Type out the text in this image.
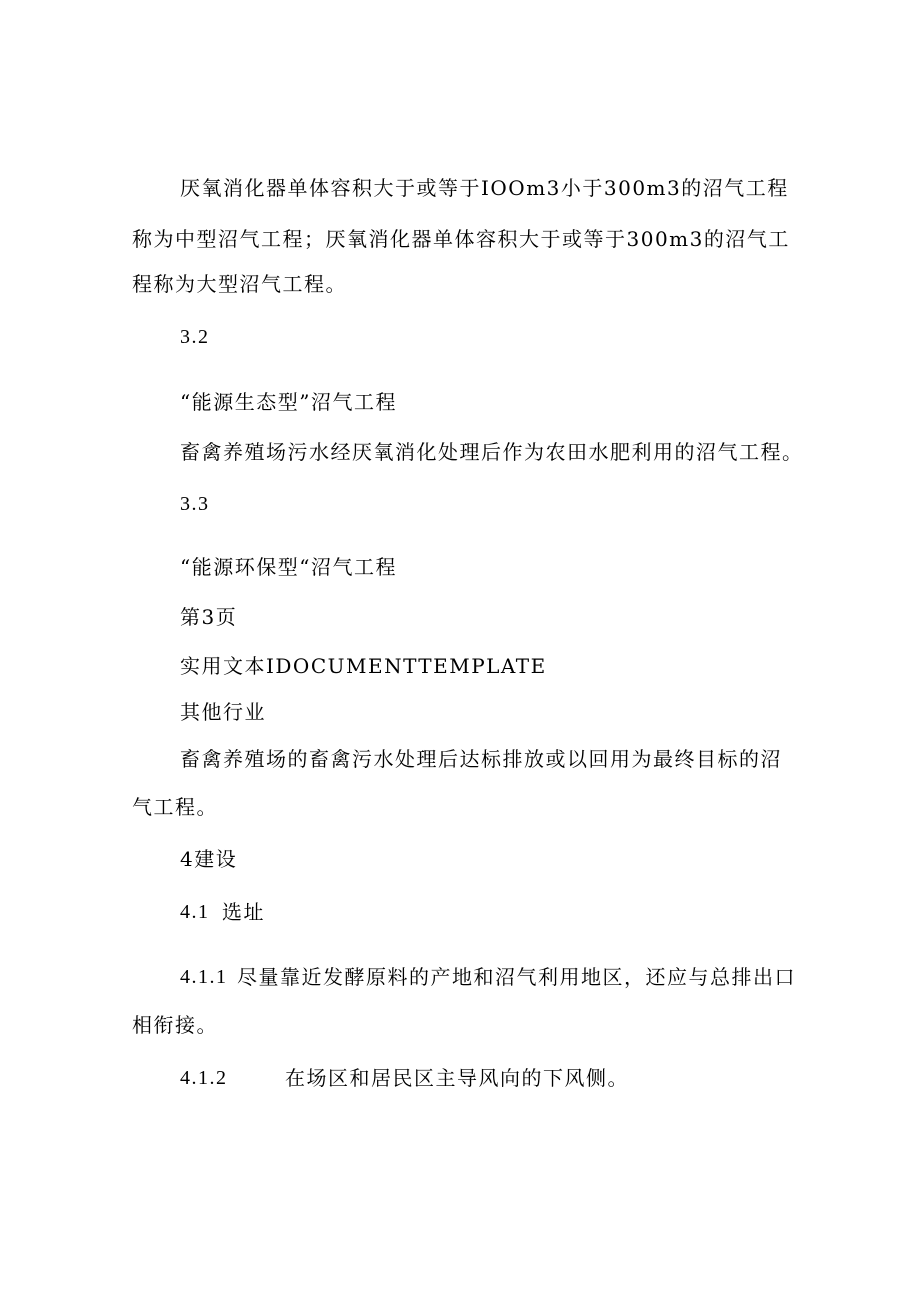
厌氧消化器单体容积大于或等于IOOm3小于300m3的沼气工程
称为中型沼气工程；厌氧消化器单体容积大于或等于300m3的沼气工
程称为大型沼气工程。
3.2
“能源生态型”沼气工程
畜禽养殖场污水经厌氧消化处理后作为农田水肥利用的沼气工程。
3.3
“能源环保型“沼气工程
第3页
实用文本IDOCUMENTTEMPLATE
其他行业
畜禽养殖场的畜禽污水处理后达标排放或以回用为最终目标的沼
气工程。
4建设
4.1 选址
4.1.1 尽量靠近发酵原料的产地和沼气利用地区，还应与总排出口
相衔接。
4.1.2	在场区和居民区主导风向的下风侧。
